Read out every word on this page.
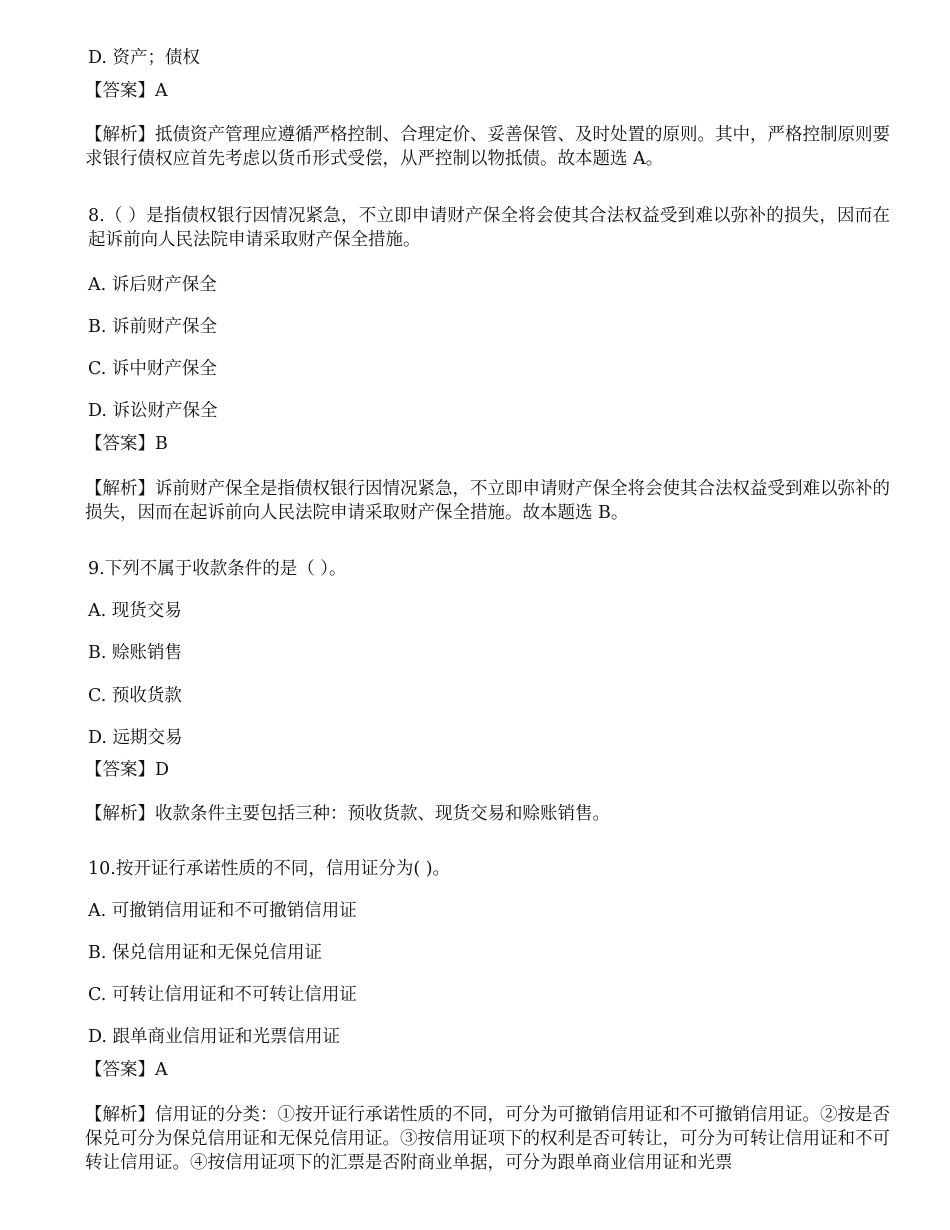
D. 资产；债权
【答案】A
【解析】抵债资产管理应遵循严格控制、合理定价、妥善保管、及时处置的原则。其中，严格控制原则要求银行债权应首先考虑以货币形式受偿，从严控制以物抵债。故本题选 A。
8.（ ）是指债权银行因情况紧急，不立即申请财产保全将会使其合法权益受到难以弥补的损失，因而在起诉前向人民法院申请采取财产保全措施。
A. 诉后财产保全
B. 诉前财产保全
C. 诉中财产保全
D. 诉讼财产保全
【答案】B
【解析】诉前财产保全是指债权银行因情况紧急，不立即申请财产保全将会使其合法权益受到难以弥补的损失，因而在起诉前向人民法院申请采取财产保全措施。故本题选 B。
9.下列不属于收款条件的是（ ）。
A. 现货交易
B. 赊账销售
C. 预收货款
D. 远期交易
【答案】D
【解析】收款条件主要包括三种：预收货款、现货交易和赊账销售。
10.按开证行承诺性质的不同，信用证分为( )。
A. 可撤销信用证和不可撤销信用证
B. 保兑信用证和无保兑信用证
C. 可转让信用证和不可转让信用证
D. 跟单商业信用证和光票信用证
【答案】A
【解析】信用证的分类：①按开证行承诺性质的不同，可分为可撤销信用证和不可撤销信用证。②按是否保兑可分为保兑信用证和无保兑信用证。③按信用证项下的权利是否可转让，可分为可转让信用证和不可转让信用证。④按信用证项下的汇票是否附商业单据，可分为跟单商业信用证和光票
